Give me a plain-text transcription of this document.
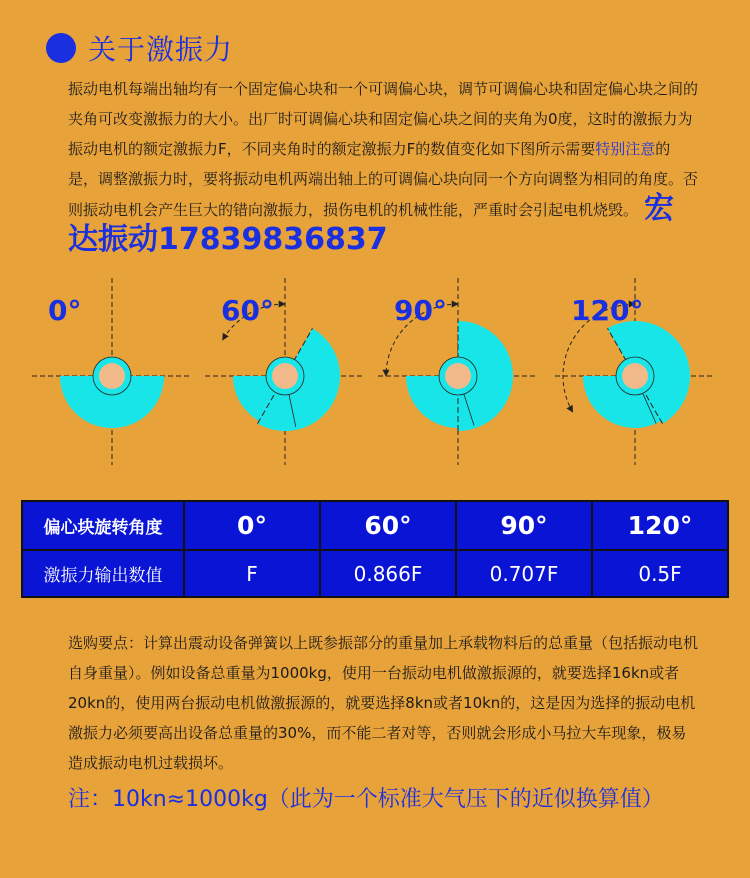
关于激振力
振动电机每端出轴均有一个固定偏心块和一个可调偏心块，调节可调偏心块和固定偏心块之间的夹角可改变激振力的大小。出厂时可调偏心块和固定偏心块之间的夹角为0度，这时的激振力为振动电机的额定激振力F，不同夹角时的额定激振力F的数值变化如下图所示需要特别注意的是，调整激振力时，要将振动电机两端出轴上的可调偏心块向同一个方向调整为相同的角度。否则振动电机会产生巨大的错向激振力，损伤电机的机械性能，严重时会引起电机烧毁。 宏达振动17839836837
0°	60°	90°	120°
偏心块旋转角度	0°	60°	90°	120°
激振力输出数值	F	0.866F	0.707F	0.5F
选购要点：计算出震动设备弹簧以上既参振部分的重量加上承载物料后的总重量（包括振动电机自身重量）。例如设备总重量为1000kg，使用一台振动电机做激振源的，就要选择16kn或者20kn的，使用两台振动电机做激振源的，就要选择8kn或者10kn的，这是因为选择的振动电机激振力必须要高出设备总重量的30%，而不能二者对等，否则就会形成小马拉大车现象，极易造成振动电机过载损坏。
注：10kn≈1000kg（此为一个标准大气压下的近似换算值）
